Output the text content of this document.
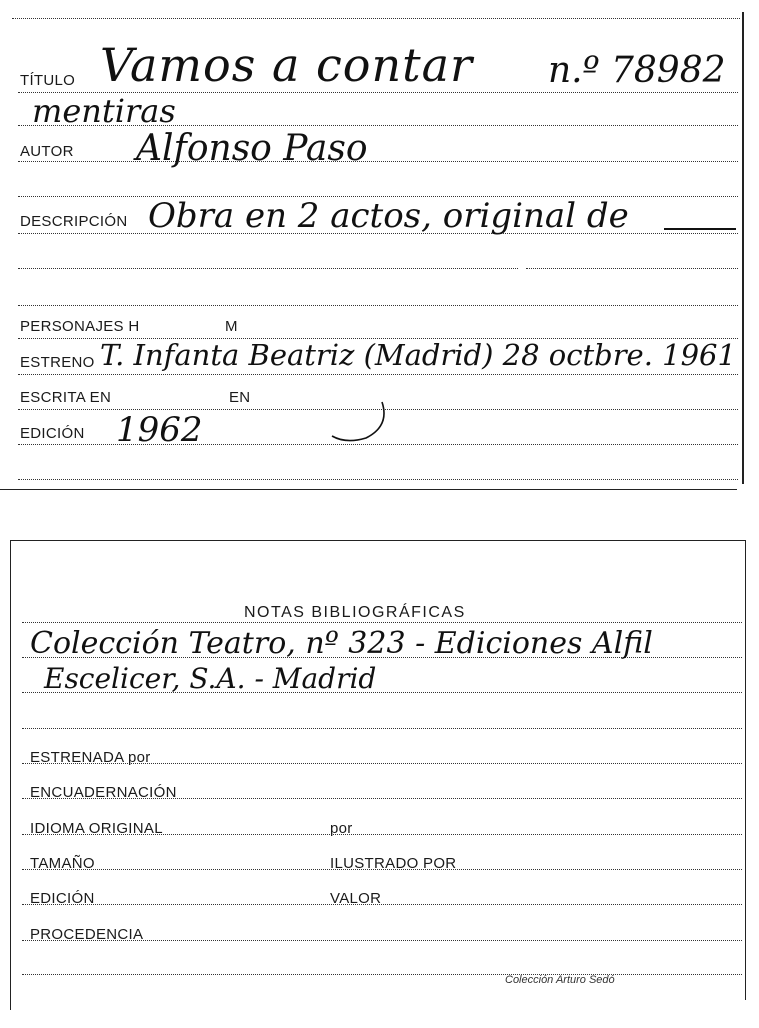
TÍTULO Vamos a contar n.º 78982
mentiras
AUTOR Alfonso Paso
DESCRIPCIÓN Obra en 2 actos, original de
PERSONAJES H	M
ESTRENO T. Infanta Beatriz (Madrid) 28 octbre. 1961
ESCRITA EN	EN
EDICIÓN 1962
NOTAS BIBLIOGRÁFICAS
Colección Teatro, nº 323 - Ediciones Alfil
Escelicer, S.A. - Madrid
ESTRENADA por
ENCUADERNACIÓN
IDIOMA ORIGINAL	por
TAMAÑO	ILUSTRADO POR
EDICIÓN	VALOR
PROCEDENCIA
Colección Arturo Sedó
